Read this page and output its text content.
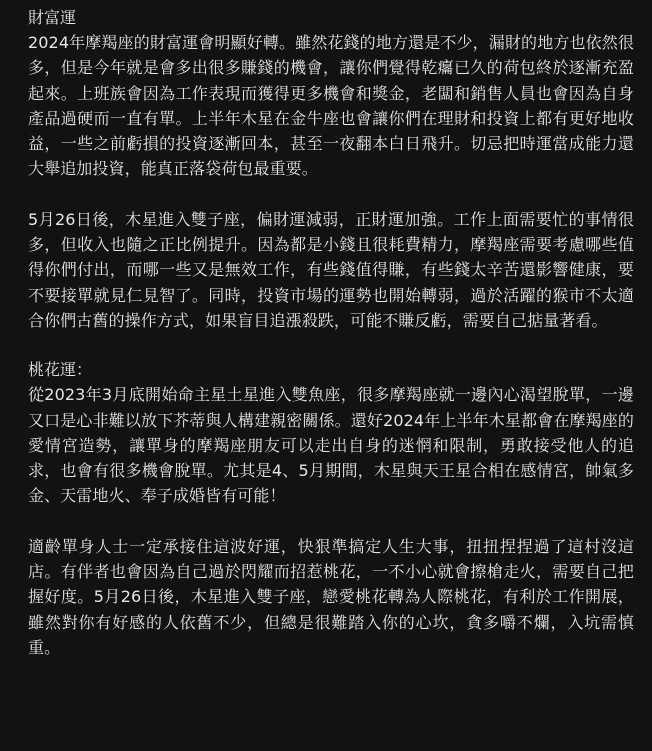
財富運

2024年摩羯座的財富運會明顯好轉。雖然花錢的地方還是不少，漏財的地方也依然很多，但是今年就是會多出很多賺錢的機會，讓你們覺得乾癟已久的荷包終於逐漸充盈起來。上班族會因為工作表現而獲得更多機會和獎金，老闆和銷售人員也會因為自身產品過硬而一直有單。上半年木星在金牛座也會讓你們在理財和投資上都有更好地收益，一些之前虧損的投資逐漸回本，甚至一夜翻本白日飛升。切忌把時運當成能力還大舉追加投資，能真正落袋荷包最重要。

5月26日後，木星進入雙子座，偏財運減弱，正財運加強。工作上面需要忙的事情很多，但收入也隨之正比例提升。因為都是小錢且很耗費精力，摩羯座需要考慮哪些值得你們付出，而哪一些又是無效工作，有些錢值得賺，有些錢太辛苦還影響健康，要不要接單就見仁見智了。同時，投資市場的運勢也開始轉弱，過於活躍的猴市不太適合你們古舊的操作方式，如果盲目追漲殺跌，可能不賺反虧，需要自己掂量著看。

桃花運：

從2023年3月底開始命主星土星進入雙魚座，很多摩羯座就一邊內心渴望脫單，一邊又口是心非難以放下芥蒂與人構建親密關係。還好2024年上半年木星都會在摩羯座的愛情宮造勢，讓單身的摩羯座朋友可以走出自身的迷惘和限制，勇敢接受他人的追求，也會有很多機會脫單。尤其是4、5月期間，木星與天王星合相在感情宮，帥氣多金、天雷地火、奉子成婚皆有可能！

適齡單身人士一定承接住這波好運，快狠準搞定人生大事，扭扭捏捏過了這村沒這店。有伴者也會因為自己過於閃耀而招惹桃花，一不小心就會擦槍走火，需要自己把握好度。5月26日後，木星進入雙子座，戀愛桃花轉為人際桃花，有利於工作開展，雖然對你有好感的人依舊不少，但總是很難踏入你的心坎，貪多嚼不爛，入坑需慎重。
